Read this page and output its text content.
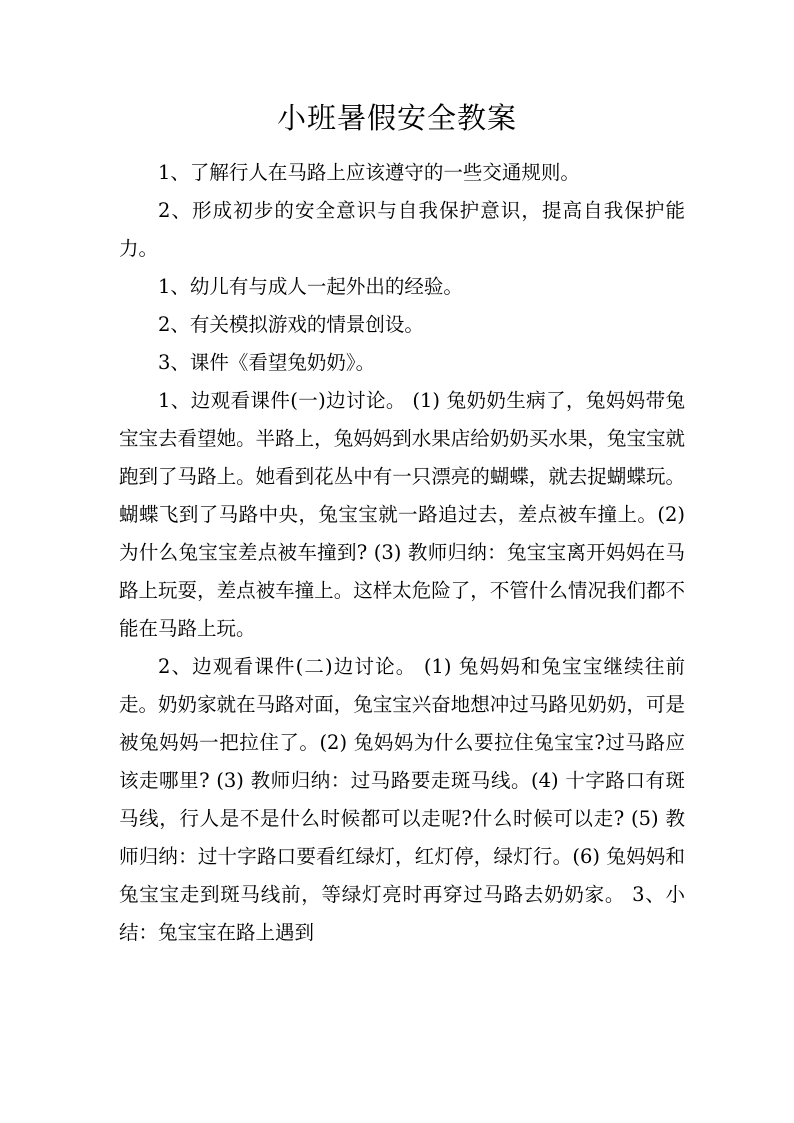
小班暑假安全教案

1、了解行人在马路上应该遵守的一些交通规则。

2、形成初步的安全意识与自我保护意识，提高自我保护能力。

1、幼儿有与成人一起外出的经验。

2、有关模拟游戏的情景创设。

3、课件《看望兔奶奶》。

1、边观看课件(一)边讨论。 (1) 兔奶奶生病了，兔妈妈带兔宝宝去看望她。半路上，兔妈妈到水果店给奶奶买水果，兔宝宝就跑到了马路上。她看到花丛中有一只漂亮的蝴蝶，就去捉蝴蝶玩。蝴蝶飞到了马路中央，兔宝宝就一路追过去，差点被车撞上。(2) 为什么兔宝宝差点被车撞到? (3) 教师归纳：兔宝宝离开妈妈在马路上玩耍，差点被车撞上。这样太危险了，不管什么情况我们都不能在马路上玩。

2、边观看课件(二)边讨论。 (1) 兔妈妈和兔宝宝继续往前走。奶奶家就在马路对面，兔宝宝兴奋地想冲过马路见奶奶，可是被兔妈妈一把拉住了。(2) 兔妈妈为什么要拉住兔宝宝?过马路应该走哪里? (3) 教师归纳：过马路要走斑马线。(4) 十字路口有斑马线，行人是不是什么时候都可以走呢?什么时候可以走? (5) 教师归纳：过十字路口要看红绿灯，红灯停，绿灯行。(6) 兔妈妈和兔宝宝走到斑马线前，等绿灯亮时再穿过马路去奶奶家。 3、小结：兔宝宝在路上遇到
